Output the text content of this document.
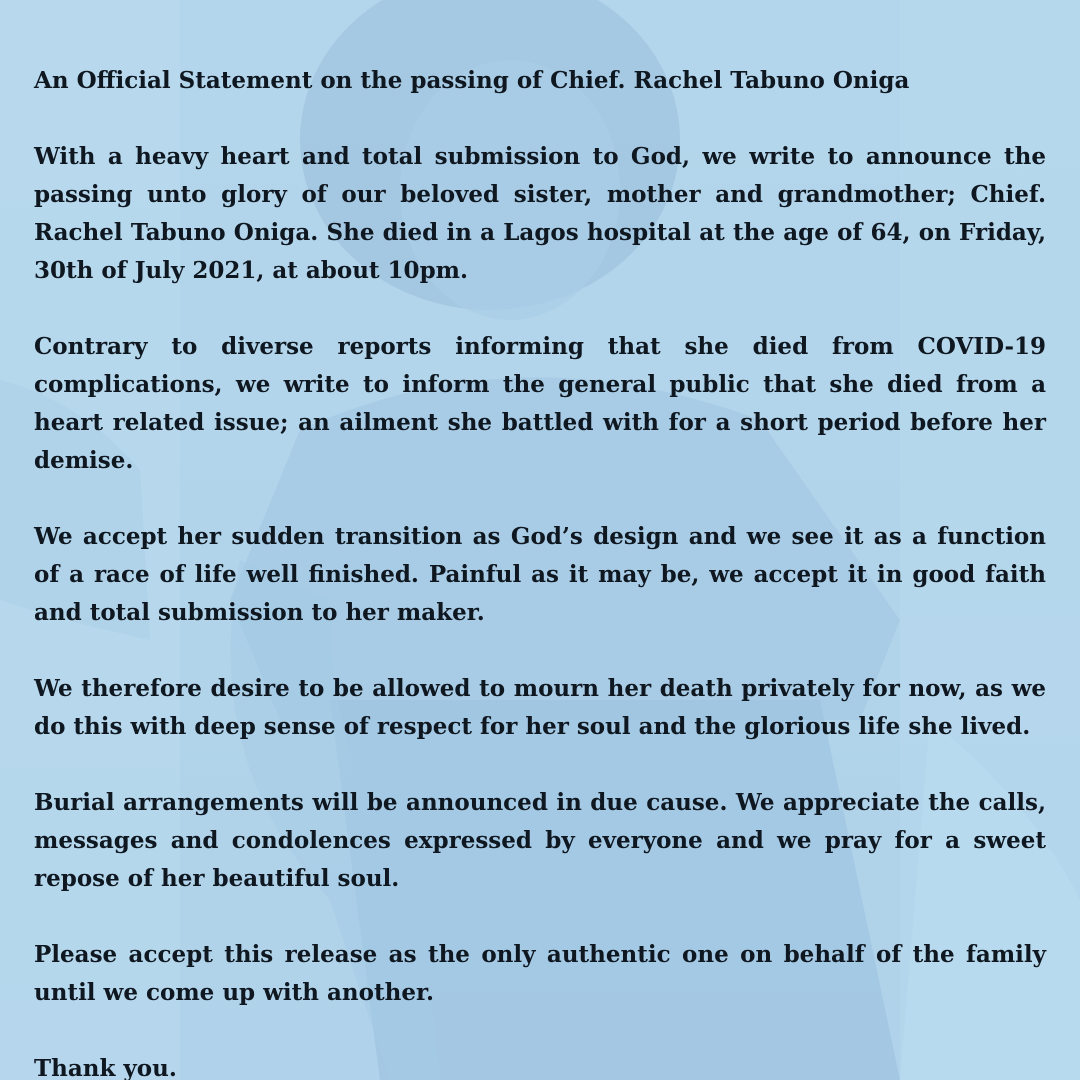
An Official Statement on the passing of Chief. Rachel Tabuno Oniga

With a heavy heart and total submission to God, we write to announce the passing unto glory of our beloved sister, mother and grandmother; Chief. Rachel Tabuno Oniga. She died in a Lagos hospital at the age of 64, on Friday, 30th of July 2021, at about 10pm.

Contrary to diverse reports informing that she died from COVID-19 complications, we write to inform the general public that she died from a heart related issue; an ailment she battled with for a short period before her demise.

We accept her sudden transition as God’s design and we see it as a function of a race of life well finished. Painful as it may be, we accept it in good faith and total submission to her maker.

We therefore desire to be allowed to mourn her death privately for now, as we do this with deep sense of respect for her soul and the glorious life she lived.

Burial arrangements will be announced in due cause. We appreciate the calls, messages and condolences expressed by everyone and we pray for a sweet repose of her beautiful soul.

Please accept this release as the only authentic one on behalf of the family until we come up with another.

Thank you.
